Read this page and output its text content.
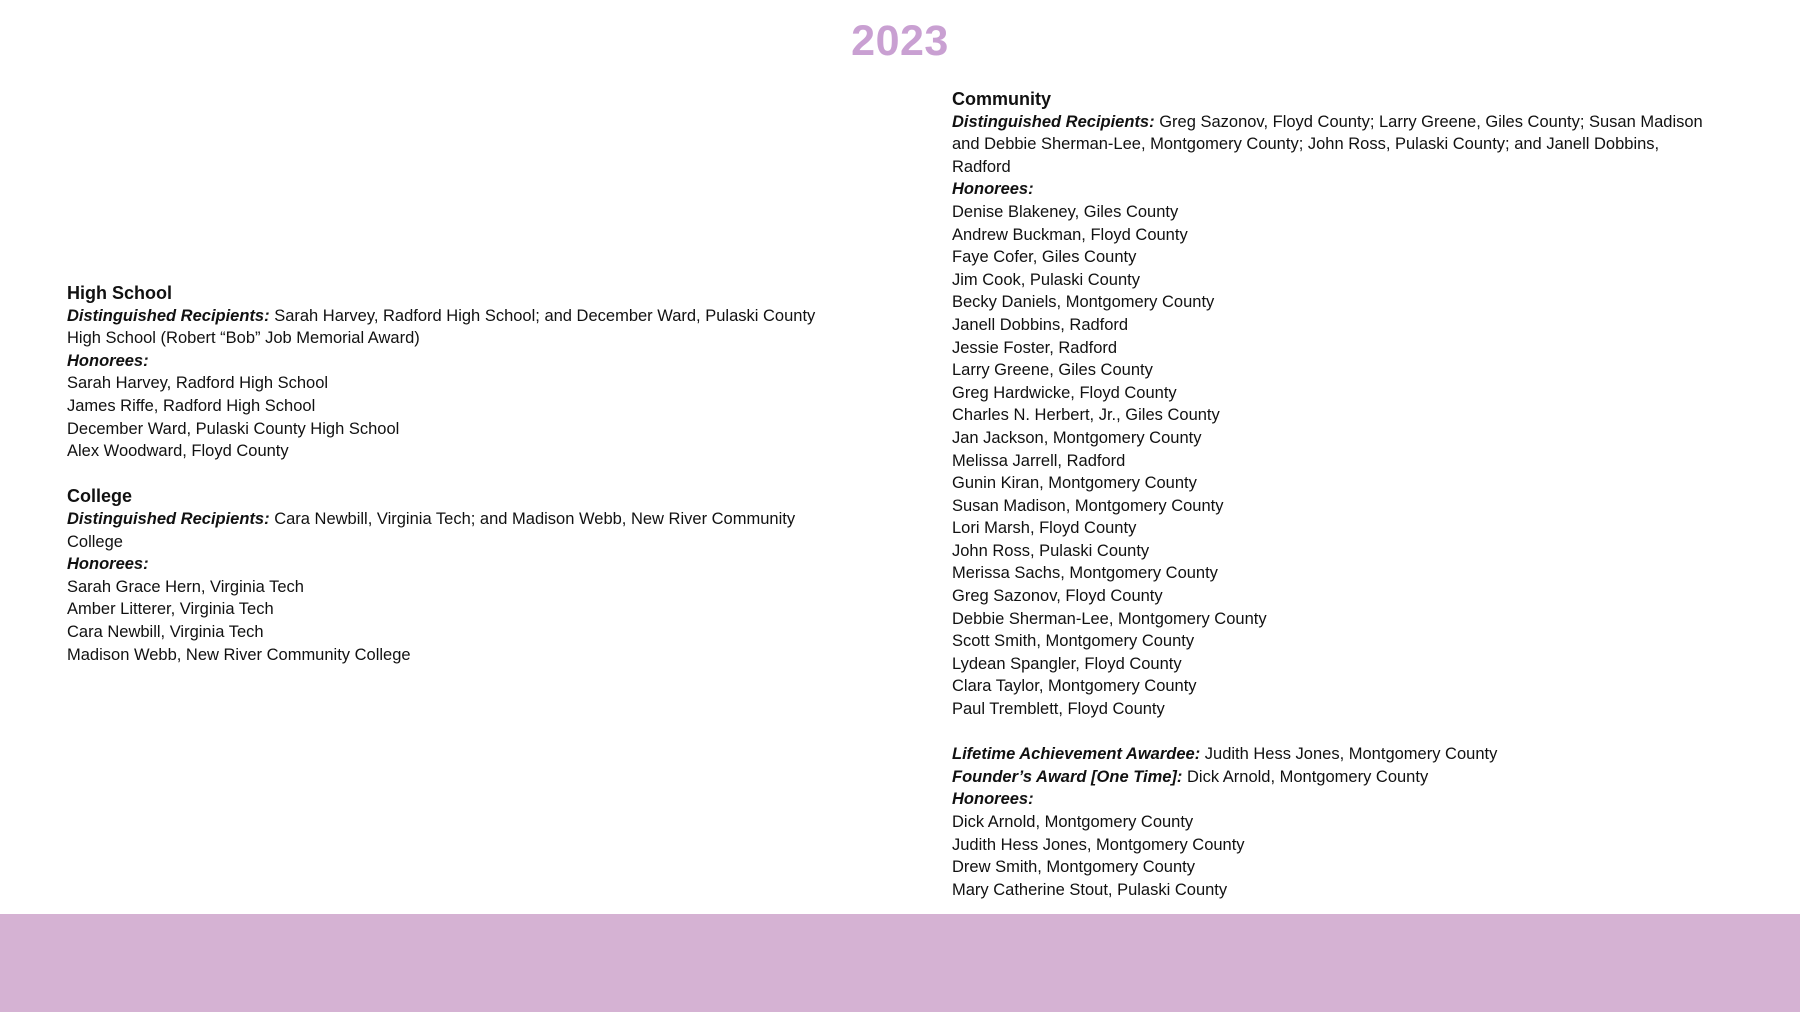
2023
High School

Distinguished Recipients: Sarah Harvey, Radford High School; and December Ward, Pulaski County High School (Robert “Bob” Job Memorial Award)

Honorees:
Sarah Harvey, Radford High School
James Riffe, Radford High School
December Ward, Pulaski County High School
Alex Woodward, Floyd County
College

Distinguished Recipients: Cara Newbill, Virginia Tech; and Madison Webb, New River Community College

Honorees:
Sarah Grace Hern, Virginia Tech
Amber Litterer, Virginia Tech
Cara Newbill, Virginia Tech
Madison Webb, New River Community College
Community

Distinguished Recipients: Greg Sazonov, Floyd County; Larry Greene, Giles County; Susan Madison and Debbie Sherman-Lee, Montgomery County; John Ross, Pulaski County; and Janell Dobbins, Radford

Honorees:
Denise Blakeney, Giles County
Andrew Buckman, Floyd County
Faye Cofer, Giles County
Jim Cook, Pulaski County
Becky Daniels, Montgomery County
Janell Dobbins, Radford
Jessie Foster, Radford
Larry Greene, Giles County
Greg Hardwicke, Floyd County
Charles N. Herbert, Jr., Giles County
Jan Jackson, Montgomery County
Melissa Jarrell, Radford
Gunin Kiran, Montgomery County
Susan Madison, Montgomery County
Lori Marsh, Floyd County
John Ross, Pulaski County
Merissa Sachs, Montgomery County
Greg Sazonov, Floyd County
Debbie Sherman-Lee, Montgomery County
Scott Smith, Montgomery County
Lydean Spangler, Floyd County
Clara Taylor, Montgomery County
Paul Tremblett, Floyd County

Lifetime Achievement Awardee: Judith Hess Jones, Montgomery County

Founder’s Award [One Time]: Dick Arnold, Montgomery County

Honorees:
Dick Arnold, Montgomery County
Judith Hess Jones, Montgomery County
Drew Smith, Montgomery County
Mary Catherine Stout, Pulaski County
